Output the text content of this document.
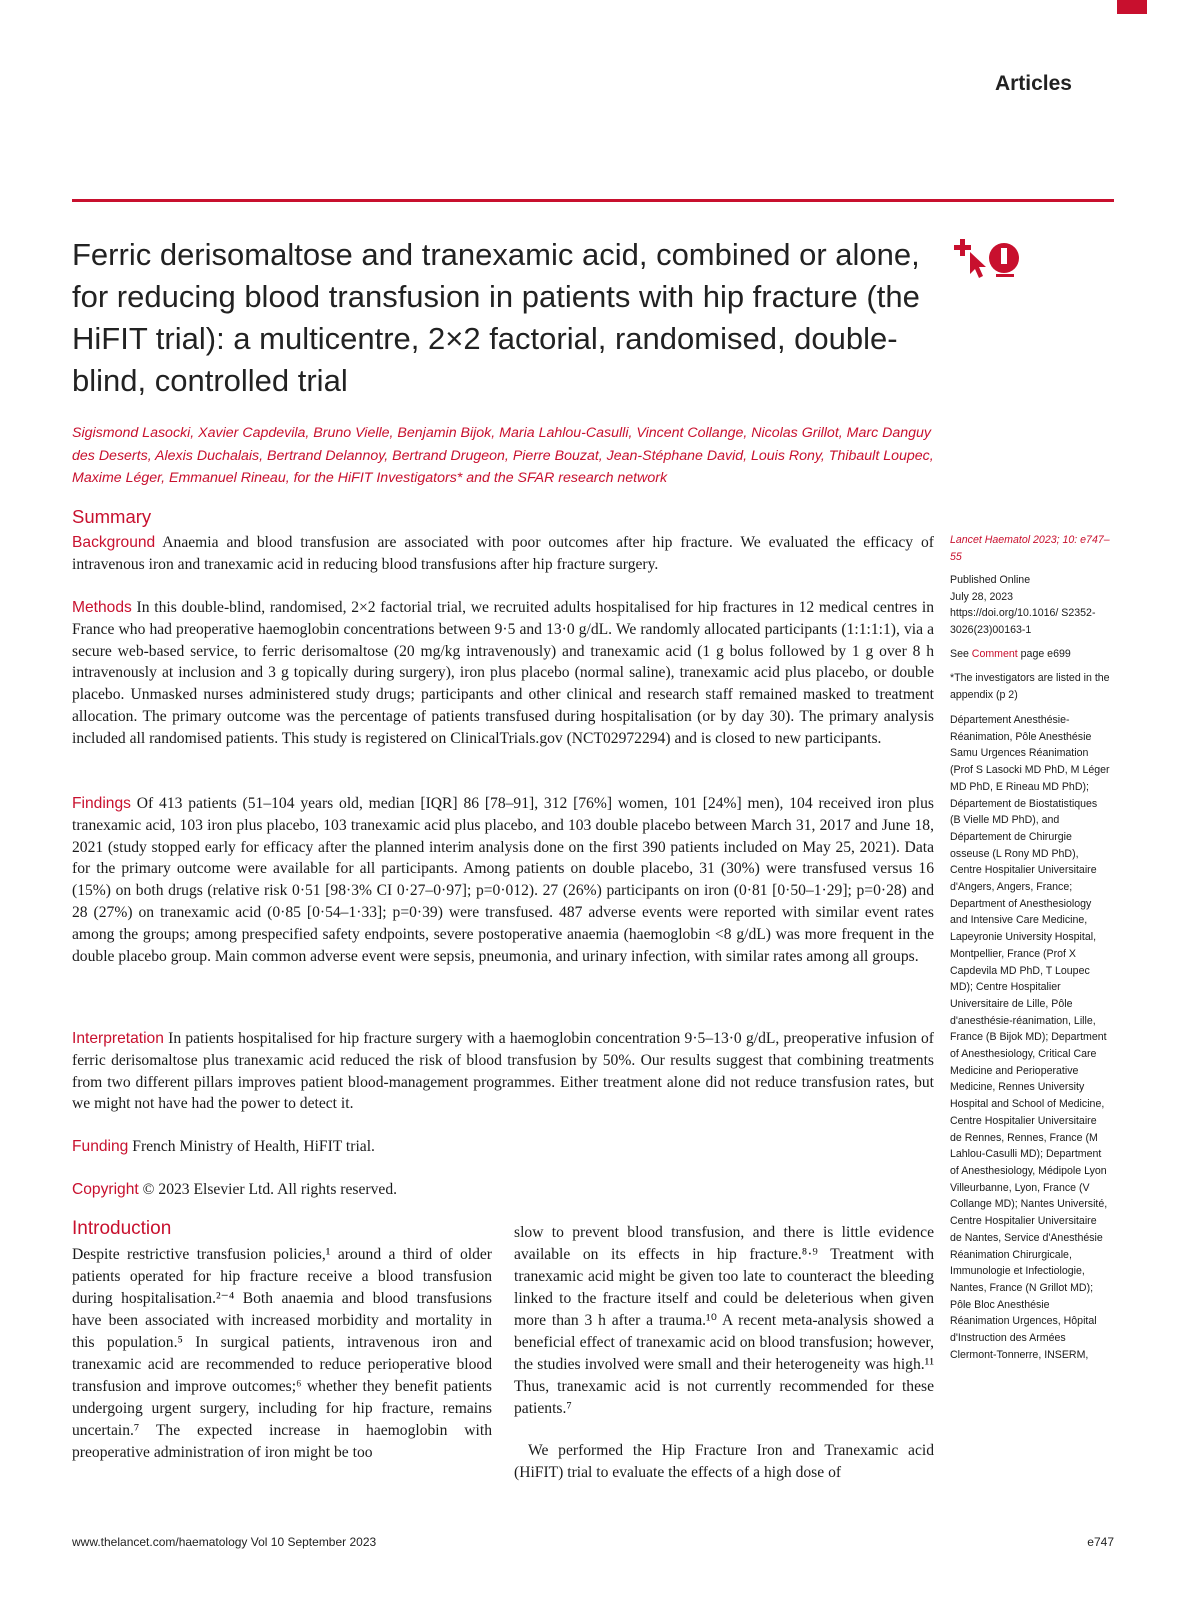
Articles
Ferric derisomaltose and tranexamic acid, combined or alone, for reducing blood transfusion in patients with hip fracture (the HiFIT trial): a multicentre, 2×2 factorial, randomised, double-blind, controlled trial
Sigismond Lasocki, Xavier Capdevila, Bruno Vielle, Benjamin Bijok, Maria Lahlou-Casulli, Vincent Collange, Nicolas Grillot, Marc Danguy des Deserts, Alexis Duchalais, Bertrand Delannoy, Bertrand Drugeon, Pierre Bouzat, Jean-Stéphane David, Louis Rony, Thibault Loupec, Maxime Léger, Emmanuel Rineau, for the HiFIT Investigators* and the SFAR research network
Summary

Background Anaemia and blood transfusion are associated with poor outcomes after hip fracture. We evaluated the efficacy of intravenous iron and tranexamic acid in reducing blood transfusions after hip fracture surgery.

Methods In this double-blind, randomised, 2×2 factorial trial, we recruited adults hospitalised for hip fractures in 12 medical centres in France who had preoperative haemoglobin concentrations between 9·5 and 13·0 g/dL. We randomly allocated participants (1:1:1:1), via a secure web-based service, to ferric derisomaltose (20 mg/kg intravenously) and tranexamic acid (1 g bolus followed by 1 g over 8 h intravenously at inclusion and 3 g topically during surgery), iron plus placebo (normal saline), tranexamic acid plus placebo, or double placebo. Unmasked nurses administered study drugs; participants and other clinical and research staff remained masked to treatment allocation. The primary outcome was the percentage of patients transfused during hospitalisation (or by day 30). The primary analysis included all randomised patients. This study is registered on ClinicalTrials.gov (NCT02972294) and is closed to new participants.

Findings Of 413 patients (51–104 years old, median [IQR] 86 [78–91], 312 [76%] women, 101 [24%] men), 104 received iron plus tranexamic acid, 103 iron plus placebo, 103 tranexamic acid plus placebo, and 103 double placebo between March 31, 2017 and June 18, 2021 (study stopped early for efficacy after the planned interim analysis done on the first 390 patients included on May 25, 2021). Data for the primary outcome were available for all participants. Among patients on double placebo, 31 (30%) were transfused versus 16 (15%) on both drugs (relative risk 0·51 [98·3% CI 0·27–0·97]; p=0·012). 27 (26%) participants on iron (0·81 [0·50–1·29]; p=0·28) and 28 (27%) on tranexamic acid (0·85 [0·54–1·33]; p=0·39) were transfused. 487 adverse events were reported with similar event rates among the groups; among prespecified safety endpoints, severe postoperative anaemia (haemoglobin <8 g/dL) was more frequent in the double placebo group. Main common adverse event were sepsis, pneumonia, and urinary infection, with similar rates among all groups.

Interpretation In patients hospitalised for hip fracture surgery with a haemoglobin concentration 9·5–13·0 g/dL, preoperative infusion of ferric derisomaltose plus tranexamic acid reduced the risk of blood transfusion by 50%. Our results suggest that combining treatments from two different pillars improves patient blood-management programmes. Either treatment alone did not reduce transfusion rates, but we might not have had the power to detect it.

Funding French Ministry of Health, HiFIT trial.

Copyright © 2023 Elsevier Ltd. All rights reserved.

Lancet Haematol 2023; 10: e747–55
Published Online
July 28, 2023
https://doi.org/10.1016/ S2352-3026(23)00163-1
See Comment page e699
*The investigators are listed in the appendix (p 2)
Département Anesthésie-Réanimation, Pôle Anesthésie Samu Urgences Réanimation (Prof S Lasocki MD PhD, M Léger MD PhD, E Rineau MD PhD); Département de Biostatistiques (B Vielle MD PhD), and Département de Chirurgie osseuse (L Rony MD PhD), Centre Hospitalier Universitaire d'Angers, Angers, France; Department of Anesthesiology and Intensive Care Medicine, Lapeyronie University Hospital, Montpellier, France (Prof X Capdevila MD PhD, T Loupec MD); Centre Hospitalier Universitaire de Lille, Pôle d'anesthésie-réanimation, Lille, France (B Bijok MD); Department of Anesthesiology, Critical Care Medicine and Perioperative Medicine, Rennes University Hospital and School of Medicine, Centre Hospitalier Universitaire de Rennes, Rennes, France (M Lahlou-Casulli MD); Department of Anesthesiology, Médipole Lyon Villeurbanne, Lyon, France (V Collange MD); Nantes Université, Centre Hospitalier Universitaire de Nantes, Service d'Anesthésie Réanimation Chirurgicale, Immunologie et Infectiologie, Nantes, France (N Grillot MD); Pôle Bloc Anesthésie Réanimation Urgences, Hôpital d'Instruction des Armées Clermont-Tonnerre, INSERM,
Introduction

Despite restrictive transfusion policies,¹ around a third of older patients operated for hip fracture receive a blood transfusion during hospitalisation.²⁻⁴ Both anaemia and blood transfusions have been associated with increased morbidity and mortality in this population.⁵ In surgical patients, intravenous iron and tranexamic acid are recommended to reduce perioperative blood transfusion and improve outcomes;⁶ whether they benefit patients undergoing urgent surgery, including for hip fracture, remains uncertain.⁷ The expected increase in haemoglobin with preoperative administration of iron might be too

slow to prevent blood transfusion, and there is little evidence available on its effects in hip fracture.⁸·⁹ Treatment with tranexamic acid might be given too late to counteract the bleeding linked to the fracture itself and could be deleterious when given more than 3 h after a trauma.¹⁰ A recent meta-analysis showed a beneficial effect of tranexamic acid on blood transfusion; however, the studies involved were small and their heterogeneity was high.¹¹ Thus, tranexamic acid is not currently recommended for these patients.⁷

We performed the Hip Fracture Iron and Tranexamic acid (HiFIT) trial to evaluate the effects of a high dose of

www.thelancet.com/haematology Vol 10 September 2023	e747
